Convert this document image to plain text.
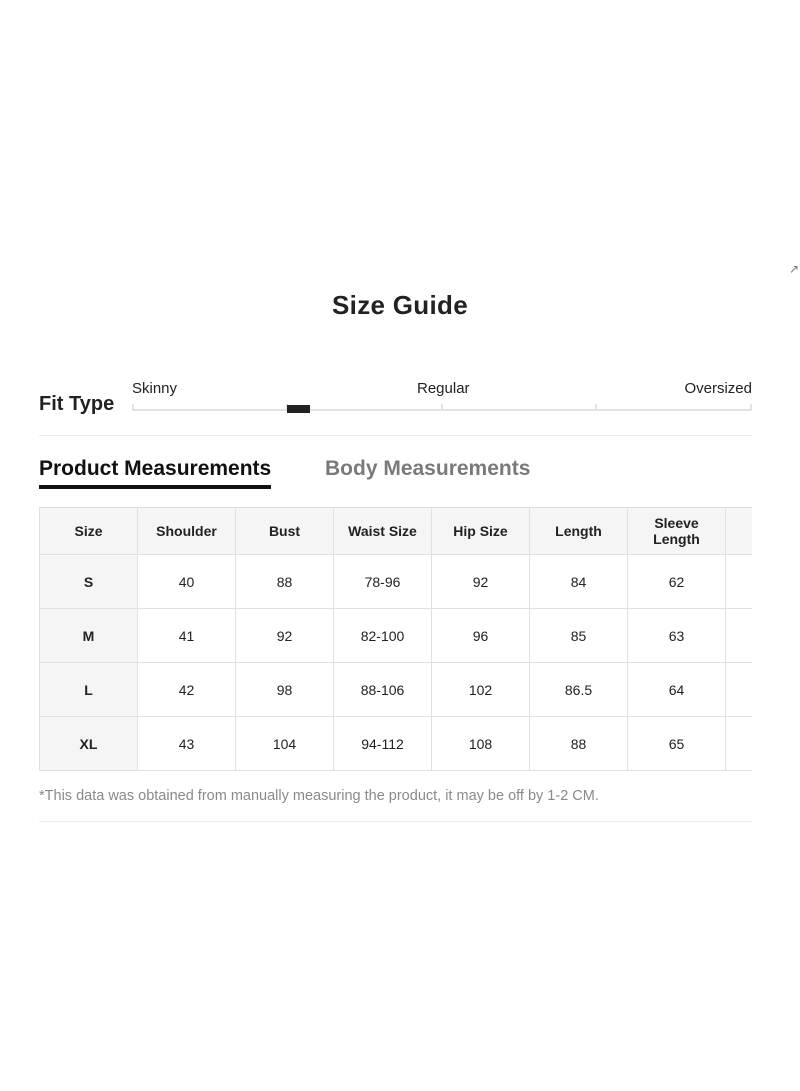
↗
Size Guide
Fit Type
Skinny	Regular	Oversized
Product Measurements	Body Measurements
Size	Shoulder	Bust	Waist Size	Hip Size	Length	Sleeve
Length	
S	40	88	78-96	92	84	62	
M	41	92	82-100	96	85	63	
L	42	98	88-106	102	86.5	64	
XL	43	104	94-112	108	88	65	
*This data was obtained from manually measuring the product, it may be off by 1-2 CM.
